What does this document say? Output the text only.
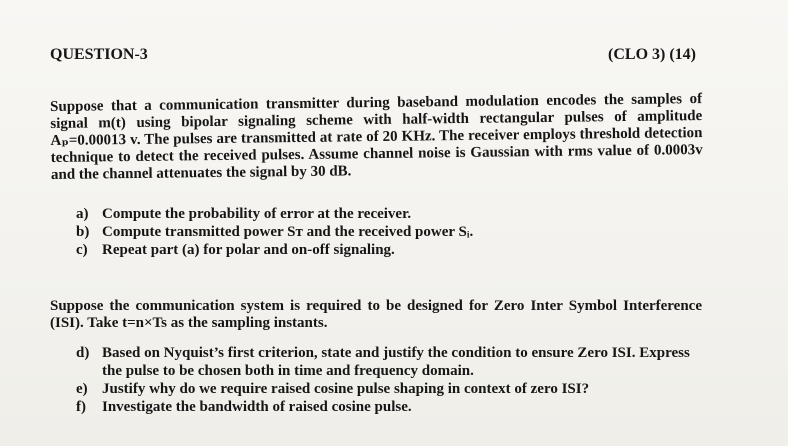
QUESTION-3	(CLO 3) (14)

Suppose that a communication transmitter during baseband modulation encodes the samples of signal m(t) using bipolar signaling scheme with half-width rectangular pulses of amplitude Aₚ=0.00013 v. The pulses are transmitted at rate of 20 KHz. The receiver employs threshold detection technique to detect the received pulses. Assume channel noise is Gaussian with rms value of 0.0003v and the channel attenuates the signal by 30 dB.

a) Compute the probability of error at the receiver.
b) Compute transmitted power Sᴛ and the received power Sᵢ.
c) Repeat part (a) for polar and on-off signaling.

Suppose the communication system is required to be designed for Zero Inter Symbol Interference (ISI). Take t=n×Ts as the sampling instants.

d) Based on Nyquist’s first criterion, state and justify the condition to ensure Zero ISI. Express the pulse to be chosen both in time and frequency domain.
e) Justify why do we require raised cosine pulse shaping in context of zero ISI?
f)	Investigate the bandwidth of raised cosine pulse.
